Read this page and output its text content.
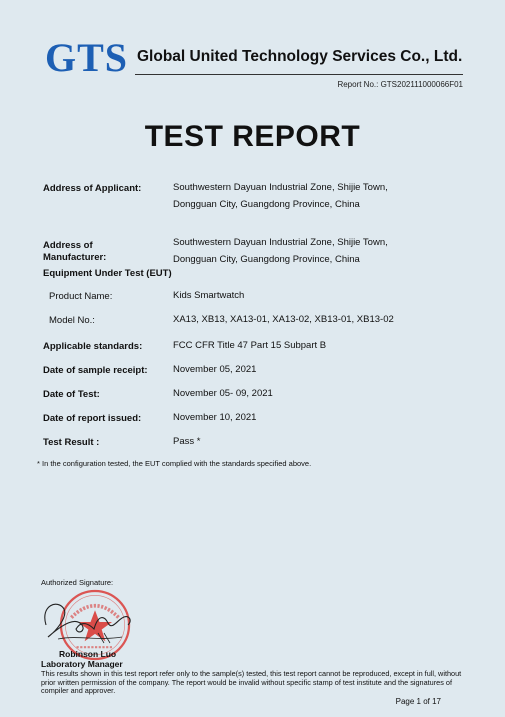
GTS Global United Technology Services Co., Ltd.
Report No.: GTS202111000066F01
TEST REPORT
Address of Applicant:	Southwestern Dayuan Industrial Zone, Shijie Town,
Dongguan City, Guangdong Province, China
Address of
Manufacturer:
Southwestern Dayuan Industrial Zone, Shijie Town,
Dongguan City, Guangdong Province, China
Equipment Under Test (EUT)
Product Name:	Kids Smartwatch
Model No.:	XA13, XB13, XA13-01, XA13-02, XB13-01, XB13-02
Applicable standards:	FCC CFR Title 47 Part 15 Subpart B
Date of sample receipt:	November 05, 2021
Date of Test:	November 05- 09, 2021
Date of report issued:	November 10, 2021
Test Result :	Pass *
* In the configuration tested, the EUT complied with the standards specified above.
Authorized Signature:
Robinson Luo
Laboratory Manager
This results shown in this test report refer only to the sample(s) tested, this test report cannot be reproduced, except in full, without prior written permission of the company. The report would be invalid without specific stamp of test institute and the signatures of compiler and approver.
Page 1 of 17
